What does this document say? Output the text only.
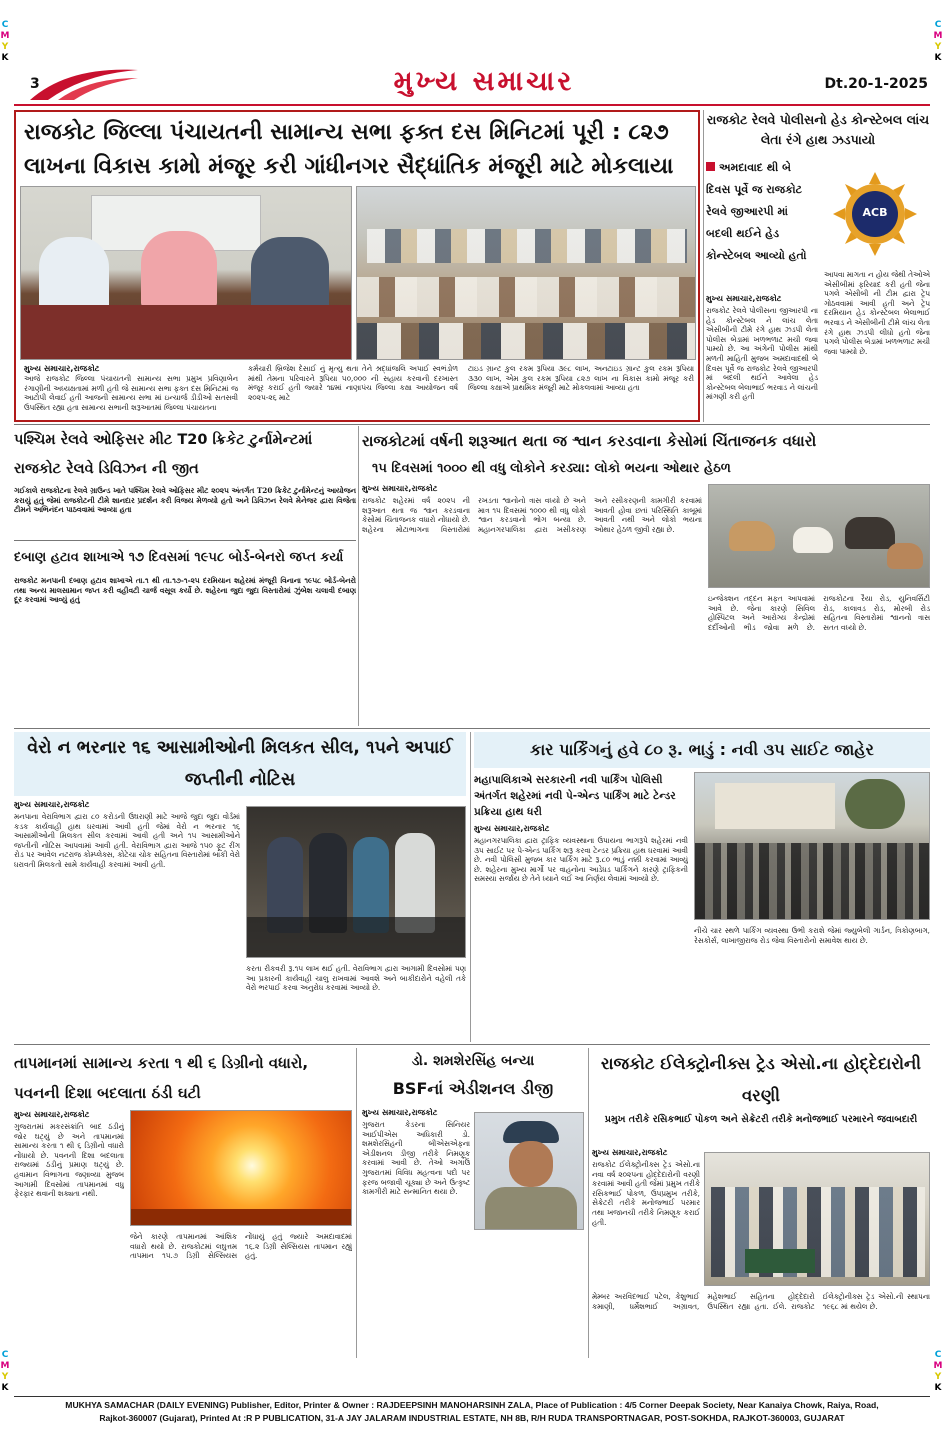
C
M
Y
K
C
M
Y
K
C
M
Y
K
C
M
Y
K
3	મુખ્ય સમાચાર	Dt.20-1-2025
રાજકોટ જિલ્લા પંચાયતની સામાન્ય સભા ફક્ત દસ મિનિટમાં પૂરી : ૮૨૭ લાખના વિકાસ કામો મંજૂર કરી ગાંધીનગર સૈદ્ધાંતિક મંજૂરી માટે મોકલાયા
મુખ્ય સમાચાર,રાજકોટ
આજે રાજકોટ જિલ્લા પંચાયતની સામાન્ય સભા પ્રમુખ પ્રવિણાબેન રંગાણીની અધ્યક્ષતામાં મળી હતી જે સામાન્ય સભા ફક્ત દસ મિનિટમાં જ આટોપી લેવાઈ હતી આજની સામાન્ય સભા માં ઇન્ચાર્જ ડીડીઓ સતસવી ઉપસ્થિત રહ્યા હતા સામાન્ય સભાની શરૂઆતમાં જિલ્લા પંચાયતના
કર્મચારી બ્રિજેશ દેસાઈ નું મૃત્યુ થતા તેને શ્રદ્ધાંજલિ અપાઈ સ્વભંડોળ માંથી તેમના પરિવારને રૂપિયા ૫૦,૦૦૦ ની સહાય કરવાની દરખાસ્ત મંજૂર કરાઈ હતી જ્યારે ૧૪માં નાણાપંચ જિલ્લા કક્ષા આયોજન વર્ષ ૨૦૨૫-૨૬ માટે
ટાઇડ ગ્રાન્ટ કુલ રકમ રૂપિયા ૩૯૮ લાખ, અનટાઇડ ગ્રાન્ટ કુલ રકમ રૂપિયા ૩૩૦ લાખ, એમ કુલ રકમ રૂપિયા ૮૨૭ લાખ ના વિકાસ કામો મંજૂર કરી જિલ્લા કક્ષાએ પ્રાથમિક મંજૂરી માટે મોકલવામાં આવ્યા હતા
રાજકોટ રેલવે પોલીસનો હેડ કોન્સ્ટેબલ લાંચ લેતા રંગે હાથ ઝડપાયો
અમદાવાદ થી બે દિવસ પૂર્વે જ રાજકોટ રેલવે જીઆરપી માં બદલી થઈને હેડ કોન્સ્ટેબલ આવ્યો હતો
ACB
આપવા માગતા ન હોય જેથી તેઓએ એસીબીમાં ફરિયાદ કરી હતી જેના પગલે એસીબી ની ટીમ દ્વારા ટ્રેપ ગોઠવવામાં આવી હતી અને ટ્રેપ દરમિયાન હેડ કોન્સ્ટેબલ બેલાભાઈ ભરવાડ ને એસીબીની ટીમે લાંચ લેતા રંગે હાથ ઝડપી લીધો હતો જેના પગલે પોલીસ બેડામાં ખળભળાટ મચી જવા પામ્યો છે.
મુખ્ય સમાચાર,રાજકોટ
રાજકોટ રેલવે પોલીસના જીઆરપી ના હેડ કોન્સ્ટેબલ ને લાંચ લેતા એસીબીની ટીમે રંગે હાથ ઝડપી લેતા પોલીસ બેડામાં ખળભળાટ મચી જવા પામ્યો છે. આ અંગેની પોલીસ માંથી મળતી માહિતી મુજબ અમદાવાદથી બે દિવસ પૂર્વે જ રાજકોટ રેલવે જીઆરપી માં બદલી થઈને આવેલા હેડ કોન્સ્ટેબલ બેલાભાઈ ભરવાડ ને લાંચની માંગણી કરી હતી
પશ્ચિમ રેલવે ઓફિસર મીટ T20 ક્રિકેટ ટુર્નામેન્ટમાં રાજકોટ રેલવે ડિવિઝન ની જીત
ગઈકાલે રાજકોટના રેલવે ગ્રાઉન્ડ ખાતે પશ્ચિમ રેલવે ઓફિસર મીટ ૨૦૨૫ અંતર્ગત T20 ક્રિકેટ ટુર્નામેન્ટનું આયોજન કરાયું હતું જેમાં રાજકોટની ટીમે શાનદાર પ્રદર્શન કરી વિજય મેળવ્યો હતો અને ડિવિઝન રેલવે મેનેજર દ્વારા વિજેતા ટીમને અભિનંદન પાઠવવામાં આવ્યા હતા
દબાણ હટાવ શાખાએ ૧૭ દિવસમાં ૧૯૫૮ બોર્ડ-બેનરો જપ્ત કર્યા
રાજકોટ મનપાની દબાણ હટાવ શાખાએ તા.૧ થી તા.૧૭-૧-૨૫ દરમિયાન શહેરમાં મંજૂરી વિનાના ૧૯૫૮ બોર્ડ-બેનરો તથા અન્ય માલસામાન જપ્ત કરી વહીવટી ચાર્જ વસૂલ કર્યો છે. શહેરના જુદા જુદા વિસ્તારોમાં ઝુંબેશ ચલાવી દબાણ દૂર કરવામાં આવ્યું હતું
રાજકોટમાં વર્ષની શરૂઆત થતા જ શ્વાન કરડવાના કેસોમાં ચિંતાજનક વધારો
૧૫ દિવસમાં ૧૦૦૦ થી વધુ લોકોને કરડ્યા: લોકો ભયના ઓથાર હેઠળ
મુખ્ય સમાચાર,રાજકોટ
રાજકોટ શહેરમાં વર્ષ ૨૦૨૫ ની શરૂઆત થતા જ શ્વાન કરડવાના કેસોમાં ચિંતાજનક વધારો નોંધાયો છે. શહેરના મોટાભાગના વિસ્તારોમાં રખડતા શ્વાનોનો ત્રાસ વધ્યો છે અને માત્ર ૧૫ દિવસમાં ૧૦૦૦ થી વધુ લોકો શ્વાન કરડવાનો ભોગ બન્યા છે. મહાનગરપાલિકા દ્વારા ખસીકરણ અને રસીકરણની કામગીરી કરવામાં આવતી હોવા છતાં પરિસ્થિતિ કાબૂમાં આવતી નથી અને લોકો ભયના ઓથાર હેઠળ જીવી રહ્યા છે.
ઇન્જેક્શન તદ્દન મફત આપવામાં આવે છે. જેના કારણે સિવિલ હોસ્પિટલ અને આરોગ્ય કેન્દ્રોમાં દર્દીઓની ભીડ જોવા મળે છે. રાજકોટના રૈયા રોડ, યુનિવર્સિટી રોડ, કાલાવડ રોડ, મોરબી રોડ સહિતના વિસ્તારોમાં શ્વાનનો ત્રાસ સતત વધ્યો છે.
વેરો ન ભરનાર ૧૬ આસામીઓની મિલકત સીલ, ૧૫ને અપાઈ જપ્તીની નોટિસ
મુખ્ય સમાચાર,રાજકોટ
મનપાના વેરાવિભાગ દ્વારા ૮૦ કરોડની ઉઘરાણી માટે આજે જુદા જુદા વોર્ડમાં કડક કાર્યવાહી હાથ ધરવામાં આવી હતી જેમાં વેરો ન ભરનાર ૧૬ આસામીઓની મિલકત સીલ કરવામાં આવી હતી અને ૧૫ આસામીઓને જપ્તીની નોટિસ આપવામાં આવી હતી. વેરાવિભાગ દ્વારા આજે ૧૫૦ ફૂટ રીંગ રોડ પર આવેલ નટરાજ કોમ્પ્લેક્સ, કોટેચા ચોક સહિતના વિસ્તારોમાં બાકી વેરો ધરાવતી મિલકતો સામે કાર્યવાહી કરવામાં આવી હતી.
કરતા રીકવરી રૂ.૧૫ લાખ થઈ હતી. વેરાવિભાગ દ્વારા આગામી દિવસોમાં પણ આ પ્રકારની કાર્યવાહી ચાલુ રાખવામાં આવશે અને બાકીદારોને વહેલી તકે વેરો ભરપાઈ કરવા અનુરોધ કરવામાં આવ્યો છે.
કાર પાર્કિંગનું હવે ૮૦ રૂ. ભાડું : નવી ૩૫ સાઈટ જાહેર
મહાપાલિકાએ સરકારની નવી પાર્કિંગ પોલિસી અંતર્ગત શહેરમાં નવી પે-એન્ડ પાર્કિંગ માટે ટેન્ડર પ્રક્રિયા હાથ ધરી
મુખ્ય સમાચાર,રાજકોટ
મહાનગરપાલિકા દ્વારા ટ્રાફિક વ્યવસ્થાના ઉપાયના ભાગરૂપે શહેરમાં નવી ૩૫ સાઈટ પર પે-એન્ડ પાર્કિંગ શરૂ કરવા ટેન્ડર પ્રક્રિયા હાથ ધરવામાં આવી છે. નવી પોલિસી મુજબ કાર પાર્કિંગ માટે રૂ.૮૦ ભાડું નક્કી કરવામાં આવ્યું છે. શહેરના મુખ્ય માર્ગો પર વાહનોના આડેધડ પાર્કિંગને કારણે ટ્રાફિકની સમસ્યા સર્જાય છે તેને ધ્યાને લઈ આ નિર્ણય લેવામાં આવ્યો છે.
નીચે ચાર સ્થળે પાર્કિંગ વ્યવસ્થા ઉભી કરાશે જેમાં જ્યુબેલી ગાર્ડન, ત્રિકોણબાગ, રેસકોર્સ, લાખાજીરાજ રોડ જેવા વિસ્તારોનો સમાવેશ થાય છે.
તાપમાનમાં સામાન્ય કરતા ૧ થી ૬ ડિગ્રીનો વધારો, પવનની દિશા બદલાતા ઠંડી ઘટી
મુખ્ય સમાચાર,રાજકોટ
ગુજરાતમાં મકરસંક્રાંતિ બાદ ઠંડીનું જોર ઘટ્યું છે અને તાપમાનમાં સામાન્ય કરતા ૧ થી ૬ ડિગ્રીનો વધારો નોંધાયો છે. પવનની દિશા બદલાતા રાજ્યમાં ઠંડીનું પ્રમાણ ઘટ્યું છે. હવામાન વિભાગના જણાવ્યા મુજબ આગામી દિવસોમાં તાપમાનમાં વધુ ફેરફાર થવાની શક્યતા નથી.
જેને કારણે તાપમાનમાં આંશિક વધારો થયો છે. રાજકોટમાં લઘુત્તમ તાપમાન ૧૫.૭ ડિગ્રી સેલ્સિયસ નોંધાયું હતું જ્યારે અમદાવાદમાં ૧૬.૨ ડિગ્રી સેલ્સિયસ તાપમાન રહ્યું હતું.
ડો. શમશેરસિંહ બન્યા
BSFનાં એડીશનલ ડીજી
મુખ્ય સમાચાર,રાજકોટ
ગુજરાત કેડરના સિનિયર આઈપીએસ અધિકારી ડો. શમશેરસિંહની બીએસએફના એડીશનલ ડીજી તરીકે નિમણૂક કરવામાં આવી છે. તેઓ અગાઉ ગુજરાતમાં વિવિધ મહત્વના પદો પર ફરજ બજાવી ચૂક્યા છે અને ઉત્કૃષ્ટ કામગીરી માટે સન્માનિત થયા છે.
રાજકોટ ઈલેક્ટ્રોનીક્સ ટ્રેડ એસો.ના હોદ્દેદારોની વરણી
પ્રમુખ તરીકે રસિકભાઈ પોકળ અને સેક્રેટરી તરીકે મનોજભાઈ પરમારને જવાબદારી
મુખ્ય સમાચાર,રાજકોટ
રાજકોટ ઈલેક્ટ્રોનીક્સ ટ્રેડ એસો.ના નવા વર્ષ ૨૦૨૫ના હોદ્દેદારોની વરણી કરવામાં આવી હતી જેમાં પ્રમુખ તરીકે રસિકભાઈ પોકળ, ઉપપ્રમુખ તરીકે, સેક્રેટરી તરીકે મનોજભાઈ પરમાર તથા ખજાનચી તરીકે નિમણૂક કરાઈ હતી.
મેમ્બર અરવિંદભાઈ પટેલ, કેશુભાઈ કમાણી, ધર્મેશભાઈ અગ્રાવત, મહેશભાઈ સહિતના હોદ્દેદારો ઉપસ્થિત રહ્યા હતા. ઈલે. રાજકોટ ઈલેક્ટ્રોનીક્સ ટ્રેડ એસો.ની સ્થાપના ૧૯૬૮ માં થયેલ છે.
MUKHYA SAMACHAR (DAILY EVENING) Publisher, Editor, Printer & Owner : RAJDEEPSINH MANOHARSINH ZALA, Place of Publication : 4/5 Corner Deepak Society, Near Kanaiya Chowk, Raiya, Road,
Rajkot-360007 (Gujarat), Printed At :R P PUBLICATION, 31-A JAY JALARAM INDUSTRIAL ESTATE, NH 8B, R/H RUDA TRANSPORTNAGAR, POST-SOKHDA, RAJKOT-360003, GUJARAT
